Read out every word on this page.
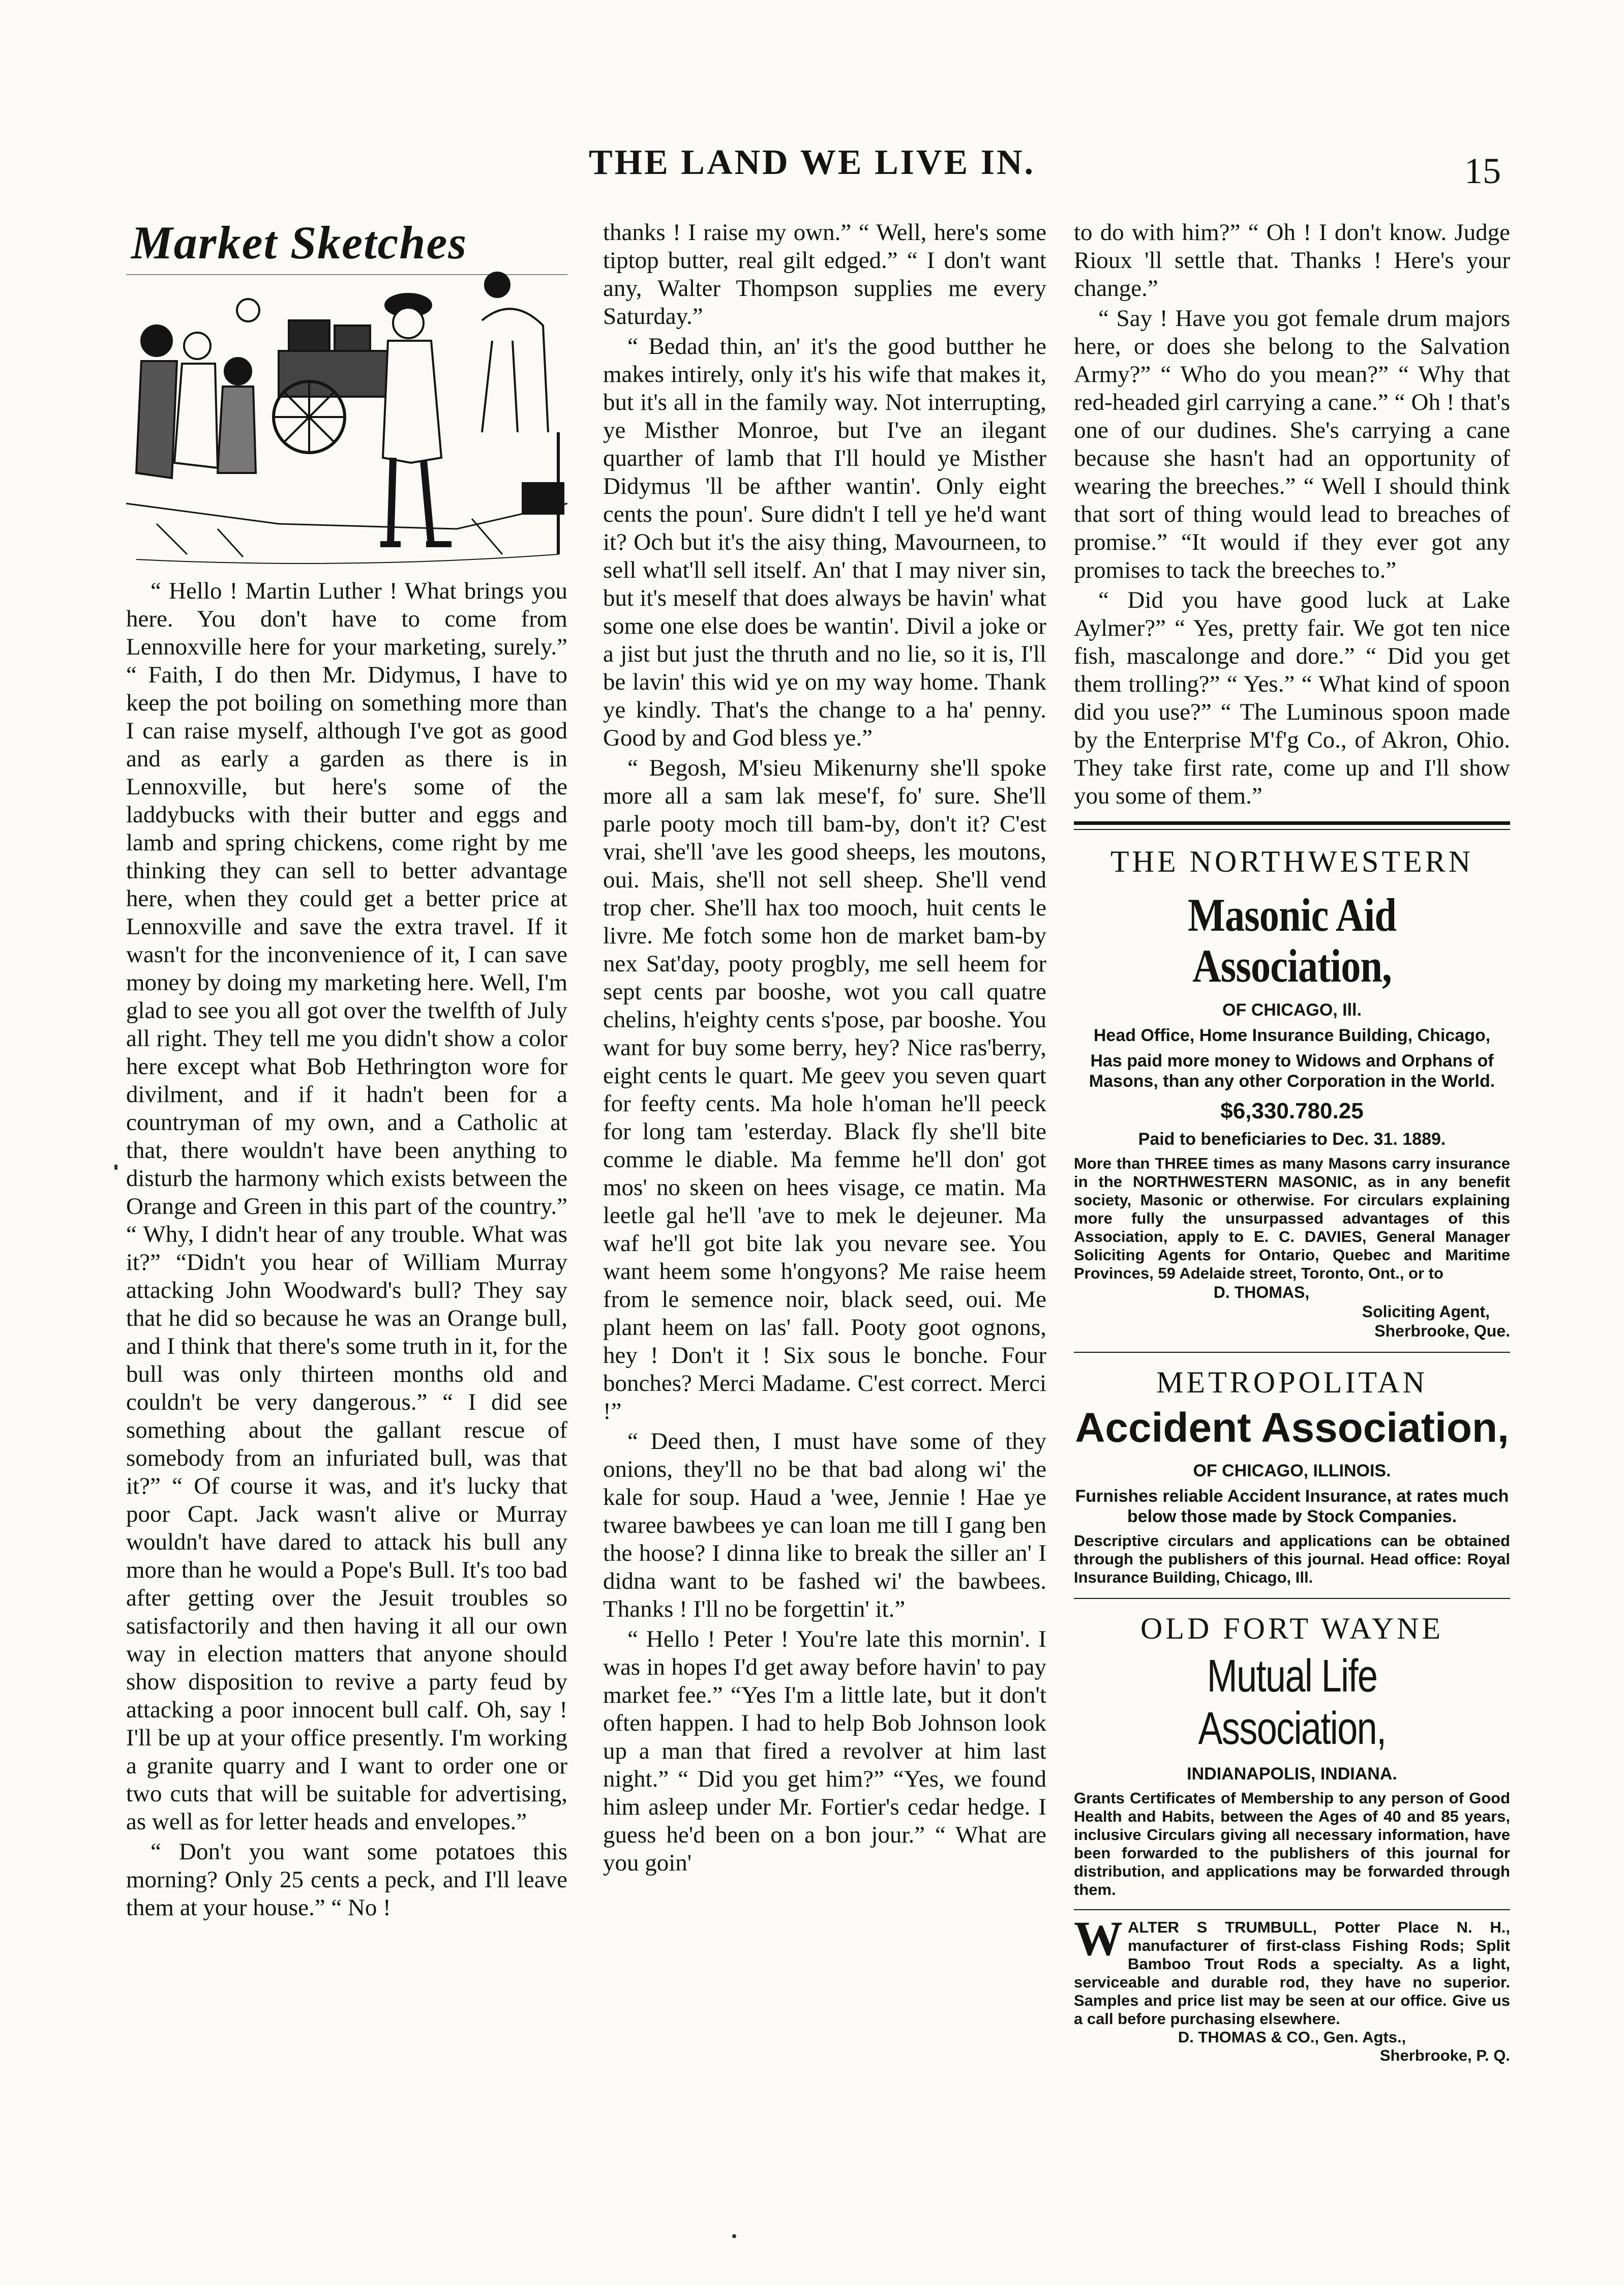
THE LAND WE LIVE IN.	15
Market Sketches

“ Hello ! Martin Luther ! What brings you here. You don't have to come from Lennoxville here for your marketing, surely.” “ Faith, I do then Mr. Didymus, I have to keep the pot boiling on something more than I can raise myself, although I've got as good and as early a garden as there is in Lennoxville, but here's some of the laddybucks with their butter and eggs and lamb and spring chickens, come right by me thinking they can sell to better advantage here, when they could get a better price at Lennoxville and save the extra travel. If it wasn't for the inconvenience of it, I can save money by doing my marketing here. Well, I'm glad to see you all got over the twelfth of July all right. They tell me you didn't show a color here except what Bob Hethrington wore for divilment, and if it hadn't been for a countryman of my own, and a Catholic at that, there wouldn't have been anything to disturb the harmony which exists between the Orange and Green in this part of the country.” “ Why, I didn't hear of any trouble. What was it?” “Didn't you hear of William Murray attacking John Woodward's bull? They say that he did so because he was an Orange bull, and I think that there's some truth in it, for the bull was only thirteen months old and couldn't be very dangerous.” “ I did see something about the gallant rescue of somebody from an infuriated bull, was that it?” “ Of course it was, and it's lucky that poor Capt. Jack wasn't alive or Murray wouldn't have dared to attack his bull any more than he would a Pope's Bull. It's too bad after getting over the Jesuit troubles so satisfactorily and then having it all our own way in election matters that anyone should show disposition to revive a party feud by attacking a poor innocent bull calf. Oh, say ! I'll be up at your office presently. I'm working a granite quarry and I want to order one or two cuts that will be suitable for advertising, as well as for letter heads and envelopes.”

“ Don't you want some potatoes this morning? Only 25 cents a peck, and I'll leave them at your house.” “ No !

thanks ! I raise my own.” “ Well, here's some tiptop butter, real gilt edged.” “ I don't want any, Walter Thompson supplies me every Saturday.”

“ Bedad thin, an' it's the good butther he makes intirely, only it's his wife that makes it, but it's all in the family way. Not interrupting, ye Misther Monroe, but I've an ilegant quarther of lamb that I'll hould ye Misther Didymus 'll be afther wantin'. Only eight cents the poun'. Sure didn't I tell ye he'd want it? Och but it's the aisy thing, Mavourneen, to sell what'll sell itself. An' that I may niver sin, but it's meself that does always be havin' what some one else does be wantin'. Divil a joke or a jist but just the thruth and no lie, so it is, I'll be lavin' this wid ye on my way home. Thank ye kindly. That's the change to a ha' penny. Good by and God bless ye.”

“ Begosh, M'sieu Mikenurny she'll spoke more all a sam lak mese'f, fo' sure. She'll parle pooty moch till bam-by, don't it? C'est vrai, she'll 'ave les good sheeps, les moutons, oui. Mais, she'll not sell sheep. She'll vend trop cher. She'll hax too mooch, huit cents le livre. Me fotch some hon de market bam-by nex Sat'day, pooty progbly, me sell heem for sept cents par booshe, wot you call quatre chelins, h'eighty cents s'pose, par booshe. You want for buy some berry, hey? Nice ras'berry, eight cents le quart. Me geev you seven quart for feefty cents. Ma hole h'oman he'll peeck for long tam 'esterday. Black fly she'll bite comme le diable. Ma femme he'll don' got mos' no skeen on hees visage, ce matin. Ma leetle gal he'll 'ave to mek le dejeuner. Ma waf he'll got bite lak you nevare see. You want heem some h'ongyons? Me raise heem from le semence noir, black seed, oui. Me plant heem on las' fall. Pooty goot ognons, hey ! Don't it ! Six sous le bonche. Four bonches? Merci Madame. C'est correct. Merci !”

“ Deed then, I must have some of they onions, they'll no be that bad along wi' the kale for soup. Haud a 'wee, Jennie ! Hae ye twaree bawbees ye can loan me till I gang ben the hoose? I dinna like to break the siller an' I didna want to be fashed wi' the bawbees. Thanks ! I'll no be forgettin' it.”

“ Hello ! Peter ! You're late this mornin'. I was in hopes I'd get away before havin' to pay market fee.” “Yes I'm a little late, but it don't often happen. I had to help Bob Johnson look up a man that fired a revolver at him last night.” “ Did you get him?” “Yes, we found him asleep under Mr. Fortier's cedar hedge. I guess he'd been on a bon jour.” “ What are you goin'

to do with him?” “ Oh ! I don't know. Judge Rioux 'll settle that. Thanks ! Here's your change.”

“ Say ! Have you got female drum majors here, or does she belong to the Salvation Army?” “ Who do you mean?” “ Why that red-headed girl carrying a cane.” “ Oh ! that's one of our dudines. She's carrying a cane because she hasn't had an opportunity of wearing the breeches.” “ Well I should think that sort of thing would lead to breaches of promise.” “It would if they ever got any promises to tack the breeches to.”

“ Did you have good luck at Lake Aylmer?” “ Yes, pretty fair. We got ten nice fish, mascalonge and dore.” “ Did you get them trolling?” “ Yes.” “ What kind of spoon did you use?” “ The Luminous spoon made by the Enterprise M'f'g Co., of Akron, Ohio. They take first rate, come up and I'll show you some of them.”

THE NORTHWESTERN
Masonic Aid Association,
OF CHICAGO, Ill.
Head Office, Home Insurance Building, Chicago,
Has paid more money to Widows and Orphans of Masons, than any other Corporation in the World.
$6,330.780.25
Paid to beneficiaries to Dec. 31. 1889.
More than THREE times as many Masons carry insurance in the NORTHWESTERN MASONIC, as in any benefit society, Masonic or otherwise. For circulars explaining more fully the unsurpassed advantages of this Association, apply to E. C. DAVIES, General Manager Soliciting Agents for Ontario, Quebec and Maritime Provinces, 59 Adelaide street, Toronto, Ont., or to
D. THOMAS,
Soliciting Agent,
Sherbrooke, Que.
METROPOLITAN
Accident Association,
OF CHICAGO, ILLINOIS.
Furnishes reliable Accident Insurance, at rates much below those made by Stock Companies.
Descriptive circulars and applications can be obtained through the publishers of this journal. Head office: Royal Insurance Building, Chicago, Ill.
OLD FORT WAYNE
Mutual Life Association,
INDIANAPOLIS, INDIANA.
Grants Certificates of Membership to any person of Good Health and Habits, between the Ages of 40 and 85 years, inclusive Circulars giving all necessary information, have been forwarded to the publishers of this journal for distribution, and applications may be forwarded through them.
W ALTER S TRUMBULL, Potter Place N. H., manufacturer of first-class Fishing Rods; Split Bamboo Trout Rods a specialty. As a light, serviceable and durable rod, they have no superior. Samples and price list may be seen at our office. Give us a call before purchasing elsewhere.
D. THOMAS & CO., Gen. Agts.,
Sherbrooke, P. Q.
